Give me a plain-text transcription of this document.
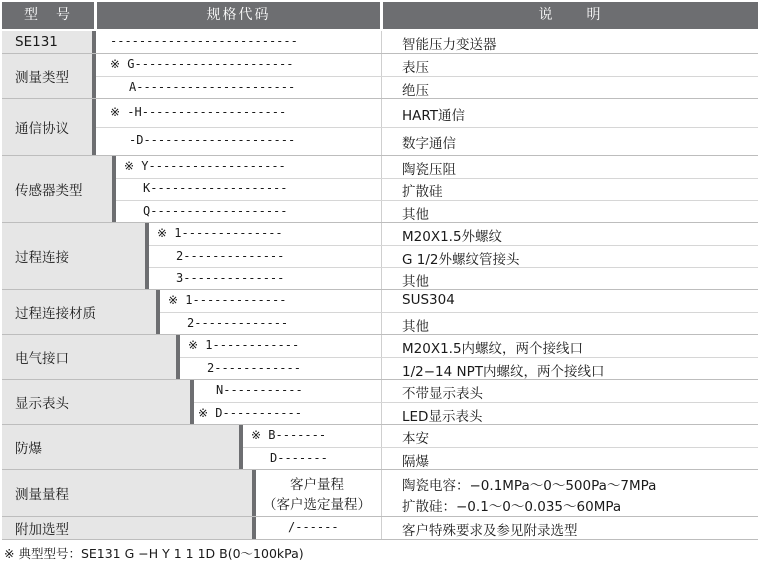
型　号	规格代码	说　　明
SE131
测量类型
通信协议
传感器类型
过程连接
过程连接材质
电气接口
显示表头
防爆
测量量程
附加选型
--------------------------
※ G----------------------
A----------------------
※ -H--------------------
-D---------------------
※ Y-------------------
K-------------------
Q-------------------
※ 1--------------
2--------------
3--------------
※ 1-------------
2-------------
※ 1------------
2------------
N-----------
※ D-----------
※ B-------
D-------
客户量程
（客户选定量程）
/------
智能压力变送器
表压
绝压
HART通信
数字通信
陶瓷压阻
扩散硅
其他
M20X1.5外螺纹
G 1/2外螺纹管接头
其他
SUS304
其他
M20X1.5内螺纹，两个接线口
1/2−14 NPT内螺纹，两个接线口
不带显示表头
LED显示表头
本安
隔爆
陶瓷电容：−0.1MPa～0～500Pa～7MPa
扩散硅：−0.1～0～0.035～60MPa
客户特殊要求及参见附录选型
※ 典型型号：SE131 G −H Y 1 1 1D B(0～100kPa)
